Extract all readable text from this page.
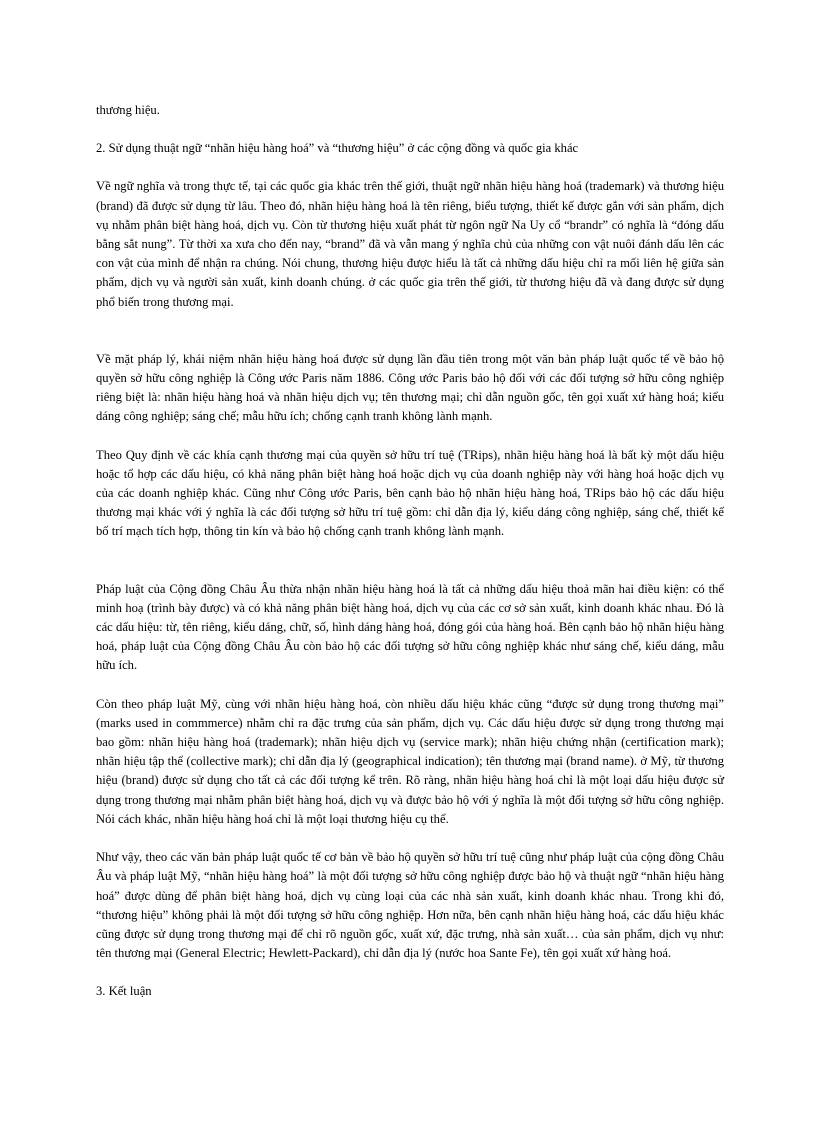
thương hiệu.

2. Sử dụng thuật ngữ “nhãn hiệu hàng hoá” và “thương hiệu” ở các cộng đồng và quốc gia khác

Về ngữ nghĩa và trong thực tế, tại các quốc gia khác trên thế giới, thuật ngữ nhãn hiệu hàng hoá (trademark) và thương hiệu (brand) đã được sử dụng từ lâu. Theo đó, nhãn hiệu hàng hoá là tên riêng, biểu tượng, thiết kế được gắn với sản phẩm, dịch vụ nhằm phân biệt hàng hoá, dịch vụ. Còn từ thương hiệu xuất phát từ ngôn ngữ Na Uy cổ “brandr” có nghĩa là “đóng dấu bằng sắt nung”. Từ thời xa xưa cho đến nay, “brand” đã và vẫn mang ý nghĩa chủ của những con vật nuôi đánh dấu lên các con vật của mình để nhận ra chúng. Nói chung, thương hiệu được hiểu là tất cả những dấu hiệu chỉ ra mối liên hệ giữa sản phẩm, dịch vụ và người sản xuất, kinh doanh chúng. ở các quốc gia trên thế giới, từ thương hiệu đã và đang được sử dụng phổ biến trong thương mại.

Về mặt pháp lý, khái niệm nhãn hiệu hàng hoá được sử dụng lần đầu tiên trong một văn bản pháp luật quốc tế về bảo hộ quyền sở hữu công nghiệp là Công ước Paris năm 1886. Công ước Paris bảo hộ đối với các đối tượng sở hữu công nghiệp riêng biệt là: nhãn hiệu hàng hoá và nhãn hiệu dịch vụ; tên thương mại; chỉ dẫn nguồn gốc, tên gọi xuất xứ hàng hoá; kiểu dáng công nghiệp; sáng chế; mẫu hữu ích; chống cạnh tranh không lành mạnh.

Theo Quy định về các khía cạnh thương mại của quyền sở hữu trí tuệ (TRips), nhãn hiệu hàng hoá là bất kỳ một dấu hiệu hoặc tổ hợp các dấu hiệu, có khả năng phân biệt hàng hoá hoặc dịch vụ của doanh nghiệp này với hàng hoá hoặc dịch vụ của các doanh nghiệp khác. Cũng như Công ước Paris, bên cạnh bảo hộ nhãn hiệu hàng hoá, TRips bảo hộ các dấu hiệu thương mại khác với ý nghĩa là các đối tượng sở hữu trí tuệ gồm: chỉ dẫn địa lý, kiểu dáng công nghiệp, sáng chế, thiết kế bố trí mạch tích hợp, thông tin kín và bảo hộ chống cạnh tranh không lành mạnh.

Pháp luật của Cộng đồng Châu Âu thừa nhận nhãn hiệu hàng hoá là tất cả những dấu hiệu thoả mãn hai điều kiện: có thể minh hoạ (trình bày được) và có khả năng phân biệt hàng hoá, dịch vụ của các cơ sở sản xuất, kinh doanh khác nhau. Đó là các dấu hiệu: từ, tên riêng, kiểu dáng, chữ, số, hình dáng hàng hoá, đóng gói của hàng hoá. Bên cạnh bảo hộ nhãn hiệu hàng hoá, pháp luật của Cộng đồng Châu Âu còn bảo hộ các đối tượng sở hữu công nghiệp khác như sáng chế, kiểu dáng, mẫu hữu ích.

Còn theo pháp luật Mỹ, cùng với nhãn hiệu hàng hoá, còn nhiều dấu hiệu khác cũng “được sử dụng trong thương mại” (marks used in commmerce) nhằm chỉ ra đặc trưng của sản phẩm, dịch vụ. Các dấu hiệu được sử dụng trong thương mại bao gồm: nhãn hiệu hàng hoá (trademark); nhãn hiệu dịch vụ (service mark); nhãn hiệu chứng nhận (certification mark); nhãn hiệu tập thể (collective mark); chỉ dẫn địa lý (geographical indication); tên thương mại (brand name). ở Mỹ, từ thương hiệu (brand) được sử dụng cho tất cả các đối tượng kể trên. Rõ ràng, nhãn hiệu hàng hoá chỉ là một loại dấu hiệu được sử dụng trong thương mại nhằm phân biệt hàng hoá, dịch vụ và được bảo hộ với ý nghĩa là một đối tượng sở hữu công nghiệp. Nói cách khác, nhãn hiệu hàng hoá chỉ là một loại thương hiệu cụ thể.

Như vậy, theo các văn bản pháp luật quốc tế cơ bản về bảo hộ quyền sở hữu trí tuệ cũng như pháp luật của cộng đồng Châu Âu và pháp luật Mỹ, “nhãn hiệu hàng hoá” là một đối tượng sở hữu công nghiệp được bảo hộ và thuật ngữ “nhãn hiệu hàng hoá” được dùng để phân biệt hàng hoá, dịch vụ cùng loại của các nhà sản xuất, kinh doanh khác nhau. Trong khi đó, “thương hiệu” không phải là một đối tượng sở hữu công nghiệp. Hơn nữa, bên cạnh nhãn hiệu hàng hoá, các dấu hiệu khác cũng được sử dụng trong thương mại để chỉ rõ nguồn gốc, xuất xứ, đặc trưng, nhà sản xuất… của sản phẩm, dịch vụ như: tên thương mại (General Electric; Hewlett-Packard), chỉ dẫn địa lý (nước hoa Sante Fe), tên gọi xuất xứ hàng hoá.

3. Kết luận
